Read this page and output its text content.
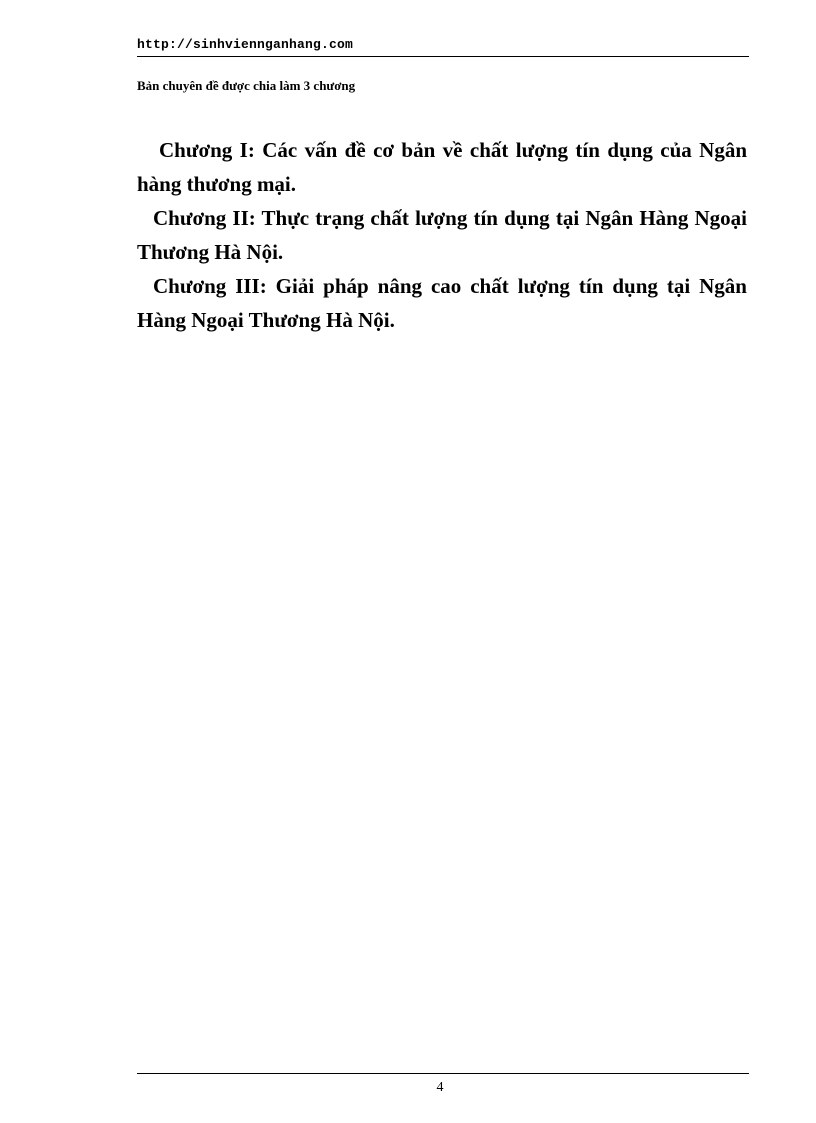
http://sinhviennganhang.com
Bản chuyên đề được chia làm 3 chương

Chương I: Các vấn đề cơ bản về chất lượng tín dụng của Ngân hàng thương mại.

Chương II: Thực trạng chất lượng tín dụng tại Ngân Hàng Ngoại Thương Hà Nội.

Chương III: Giải pháp nâng cao chất lượng tín dụng tại Ngân Hàng Ngoại Thương Hà Nội.

4
